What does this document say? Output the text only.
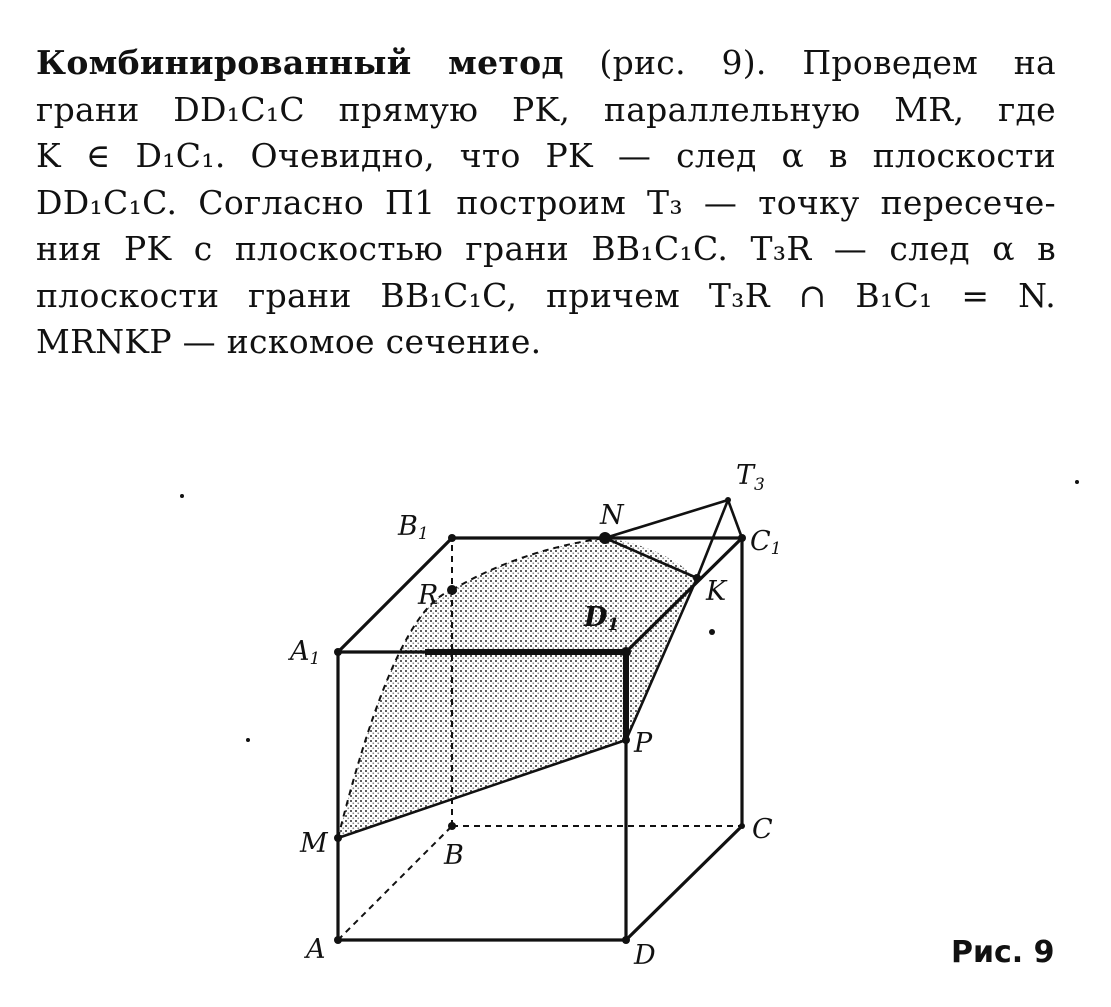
Комбинированный метод (рис. 9). Проведем на
грани DD₁C₁C прямую PK, параллельную MR, где
K ∈ D₁C₁. Очевидно, что PK — след α в плоскости
DD₁C₁C. Согласно П1 построим T₃ — точку пересече-
ния PK с плоскостью грани BB₁C₁C. T₃R — след α в
плоскости грани BB₁C₁C, причем T₃R ∩ B₁C₁ = N.
MRNKP — искомое сечение.
$T_3$
N
B1	C1
R	K
D1
A1
P
M	B
C
A	D	Рис. 9
